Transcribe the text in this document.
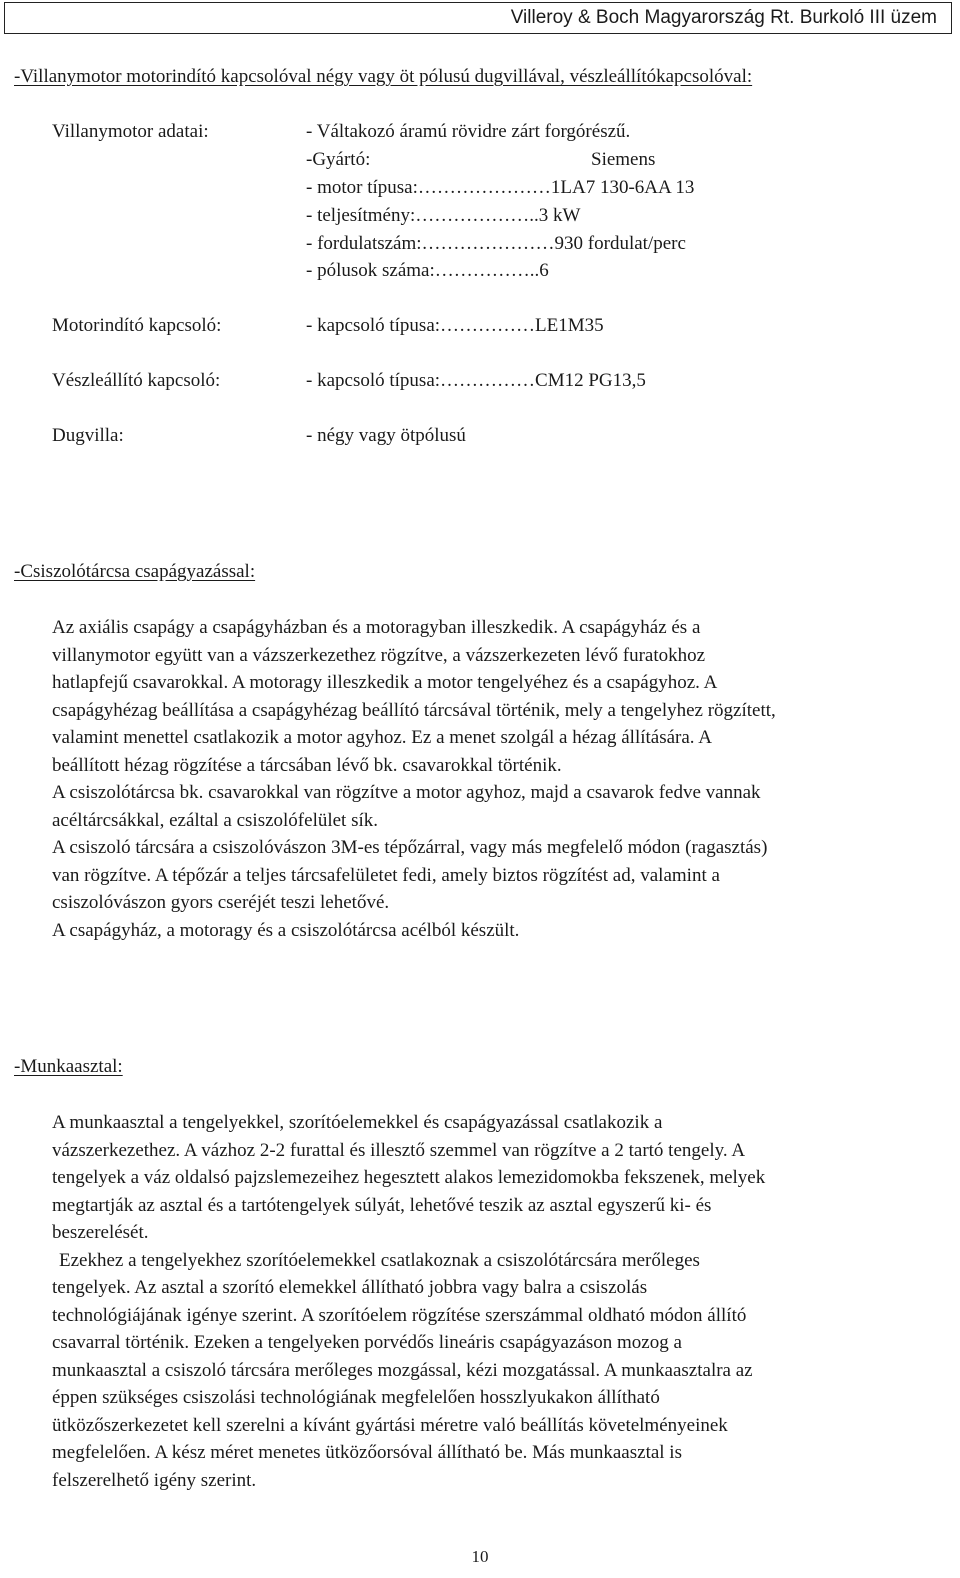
Villeroy & Boch Magyarország Rt. Burkoló III üzem
-Villanymotor motorindító kapcsolóval négy vagy öt pólusú dugvillával, vészleállítókapcsolóval:
Villanymotor adatai:	- Váltakozó áramú rövidre zárt forgórészű.
-Gyártó:	Siemens
- motor típusa:…………………1LA7 130-6AA 13
- teljesítmény:………………..3 kW
- fordulatszám:…………………930 fordulat/perc
- pólusok száma:……………..6
Motorindító kapcsoló:	- kapcsoló típusa:……………LE1M35
Vészleállító kapcsoló:	- kapcsoló típusa:……………CM12 PG13,5
Dugvilla:	- négy vagy ötpólusú
-Csiszolótárcsa csapágyazással:

Az axiális csapágy a csapágyházban és a motoragyban illeszkedik. A csapágyház és a

villanymotor együtt van a vázszerkezethez rögzítve, a vázszerkezeten lévő furatokhoz

hatlapfejű csavarokkal. A motoragy illeszkedik a motor tengelyéhez és a csapágyhoz. A

csapágyhézag beállítása a csapágyhézag beállító tárcsával történik, mely a tengelyhez rögzített,

valamint menettel csatlakozik a motor agyhoz. Ez a menet szolgál a hézag állítására. A

beállított hézag rögzítése a tárcsában lévő bk. csavarokkal történik.

A csiszolótárcsa bk. csavarokkal van rögzítve a motor agyhoz, majd a csavarok fedve vannak

acéltárcsákkal, ezáltal a csiszolófelület sík.

A csiszoló tárcsára a csiszolóvászon 3M-es tépőzárral, vagy más megfelelő módon (ragasztás)

van rögzítve. A tépőzár a teljes tárcsafelületet fedi, amely biztos rögzítést ad, valamint a

csiszolóvászon gyors cseréjét teszi lehetővé.

A csapágyház, a motoragy és a csiszolótárcsa acélból készült.

-Munkaasztal:

A munkaasztal a tengelyekkel, szorítóelemekkel és csapágyazással csatlakozik a

vázszerkezethez. A vázhoz 2-2 furattal és illesztő szemmel van rögzítve a 2 tartó tengely. A

tengelyek a váz oldalsó pajzslemezeihez hegesztett alakos lemezidomokba fekszenek, melyek

megtartják az asztal és a tartótengelyek súlyát, lehetővé teszik az asztal egyszerű ki- és

beszerelését.

Ezekhez a tengelyekhez szorítóelemekkel csatlakoznak a csiszolótárcsára merőleges

tengelyek. Az asztal a szorító elemekkel állítható jobbra vagy balra a csiszolás

technológiájának igénye szerint. A szorítóelem rögzítése szerszámmal oldható módon állító

csavarral történik. Ezeken a tengelyeken porvédős lineáris csapágyazáson mozog a

munkaasztal a csiszoló tárcsára merőleges mozgással, kézi mozgatással. A munkaasztalra az

éppen szükséges csiszolási technológiának megfelelően hosszlyukakon állítható

ütközőszerkezetet kell szerelni a kívánt gyártási méretre való beállítás követelményeinek

megfelelően. A kész méret menetes ütközőorsóval állítható be. Más munkaasztal is

felszerelhető igény szerint.

10
